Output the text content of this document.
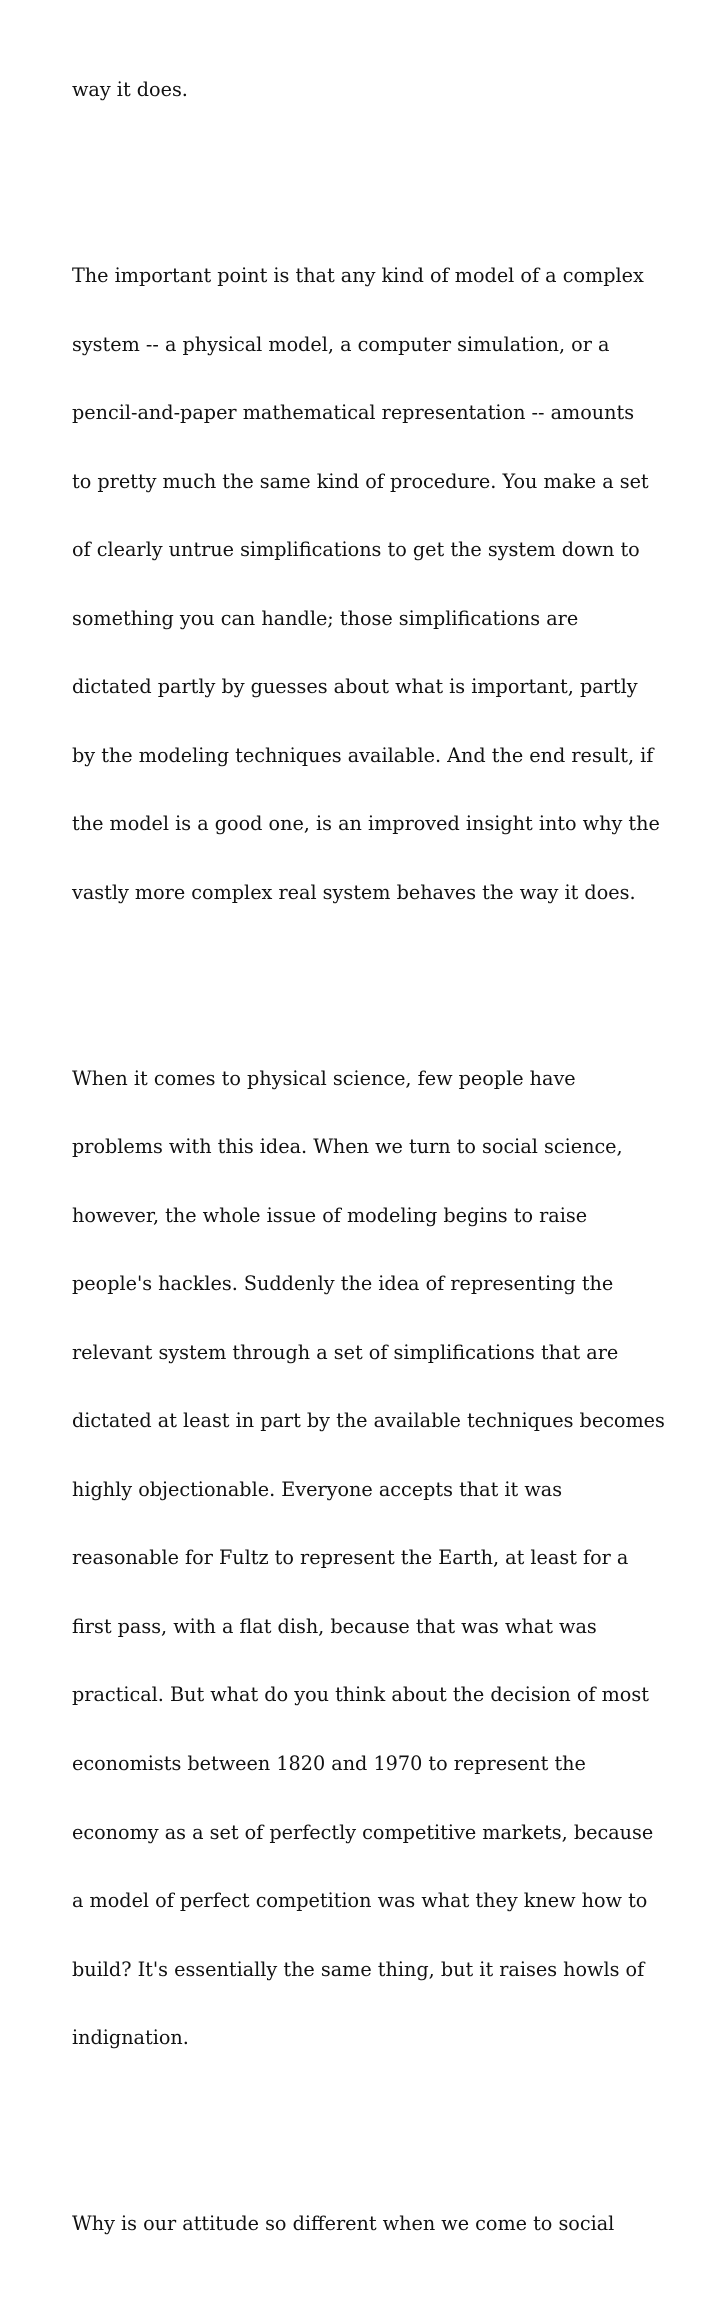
way it does.

The important point is that any kind of model of a complex

system -- a physical model, a computer simulation, or a

pencil-and-paper mathematical representation -- amounts

to pretty much the same kind of procedure. You make a set

of clearly untrue simplifications to get the system down to

something you can handle; those simplifications are

dictated partly by guesses about what is important, partly

by the modeling techniques available. And the end result, if

the model is a good one, is an improved insight into why the

vastly more complex real system behaves the way it does.

When it comes to physical science, few people have

problems with this idea. When we turn to social science,

however, the whole issue of modeling begins to raise

people's hackles. Suddenly the idea of representing the

relevant system through a set of simplifications that are

dictated at least in part by the available techniques becomes

highly objectionable. Everyone accepts that it was

reasonable for Fultz to represent the Earth, at least for a

first pass, with a flat dish, because that was what was

practical. But what do you think about the decision of most

economists between 1820 and 1970 to represent the

economy as a set of perfectly competitive markets, because

a model of perfect competition was what they knew how to

build? It's essentially the same thing, but it raises howls of

indignation.

Why is our attitude so different when we come to social
